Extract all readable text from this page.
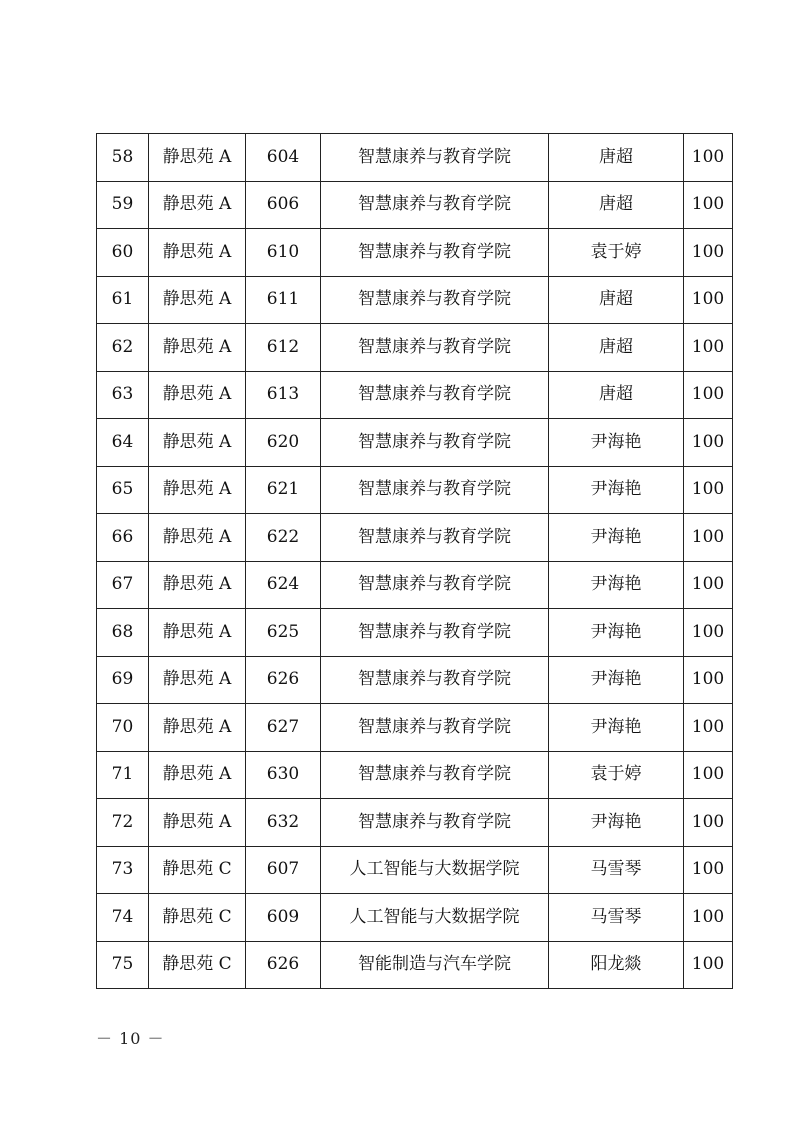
58	静思苑 A	604	智慧康养与教育学院	唐超	100
59	静思苑 A	606	智慧康养与教育学院	唐超	100
60	静思苑 A	610	智慧康养与教育学院	袁于婷	100
61	静思苑 A	611	智慧康养与教育学院	唐超	100
62	静思苑 A	612	智慧康养与教育学院	唐超	100
63	静思苑 A	613	智慧康养与教育学院	唐超	100
64	静思苑 A	620	智慧康养与教育学院	尹海艳	100
65	静思苑 A	621	智慧康养与教育学院	尹海艳	100
66	静思苑 A	622	智慧康养与教育学院	尹海艳	100
67	静思苑 A	624	智慧康养与教育学院	尹海艳	100
68	静思苑 A	625	智慧康养与教育学院	尹海艳	100
69	静思苑 A	626	智慧康养与教育学院	尹海艳	100
70	静思苑 A	627	智慧康养与教育学院	尹海艳	100
71	静思苑 A	630	智慧康养与教育学院	袁于婷	100
72	静思苑 A	632	智慧康养与教育学院	尹海艳	100
73	静思苑 C	607	人工智能与大数据学院	马雪琴	100
74	静思苑 C	609	人工智能与大数据学院	马雪琴	100
75	静思苑 C	626	智能制造与汽车学院	阳龙燚	100
－ 10 －
